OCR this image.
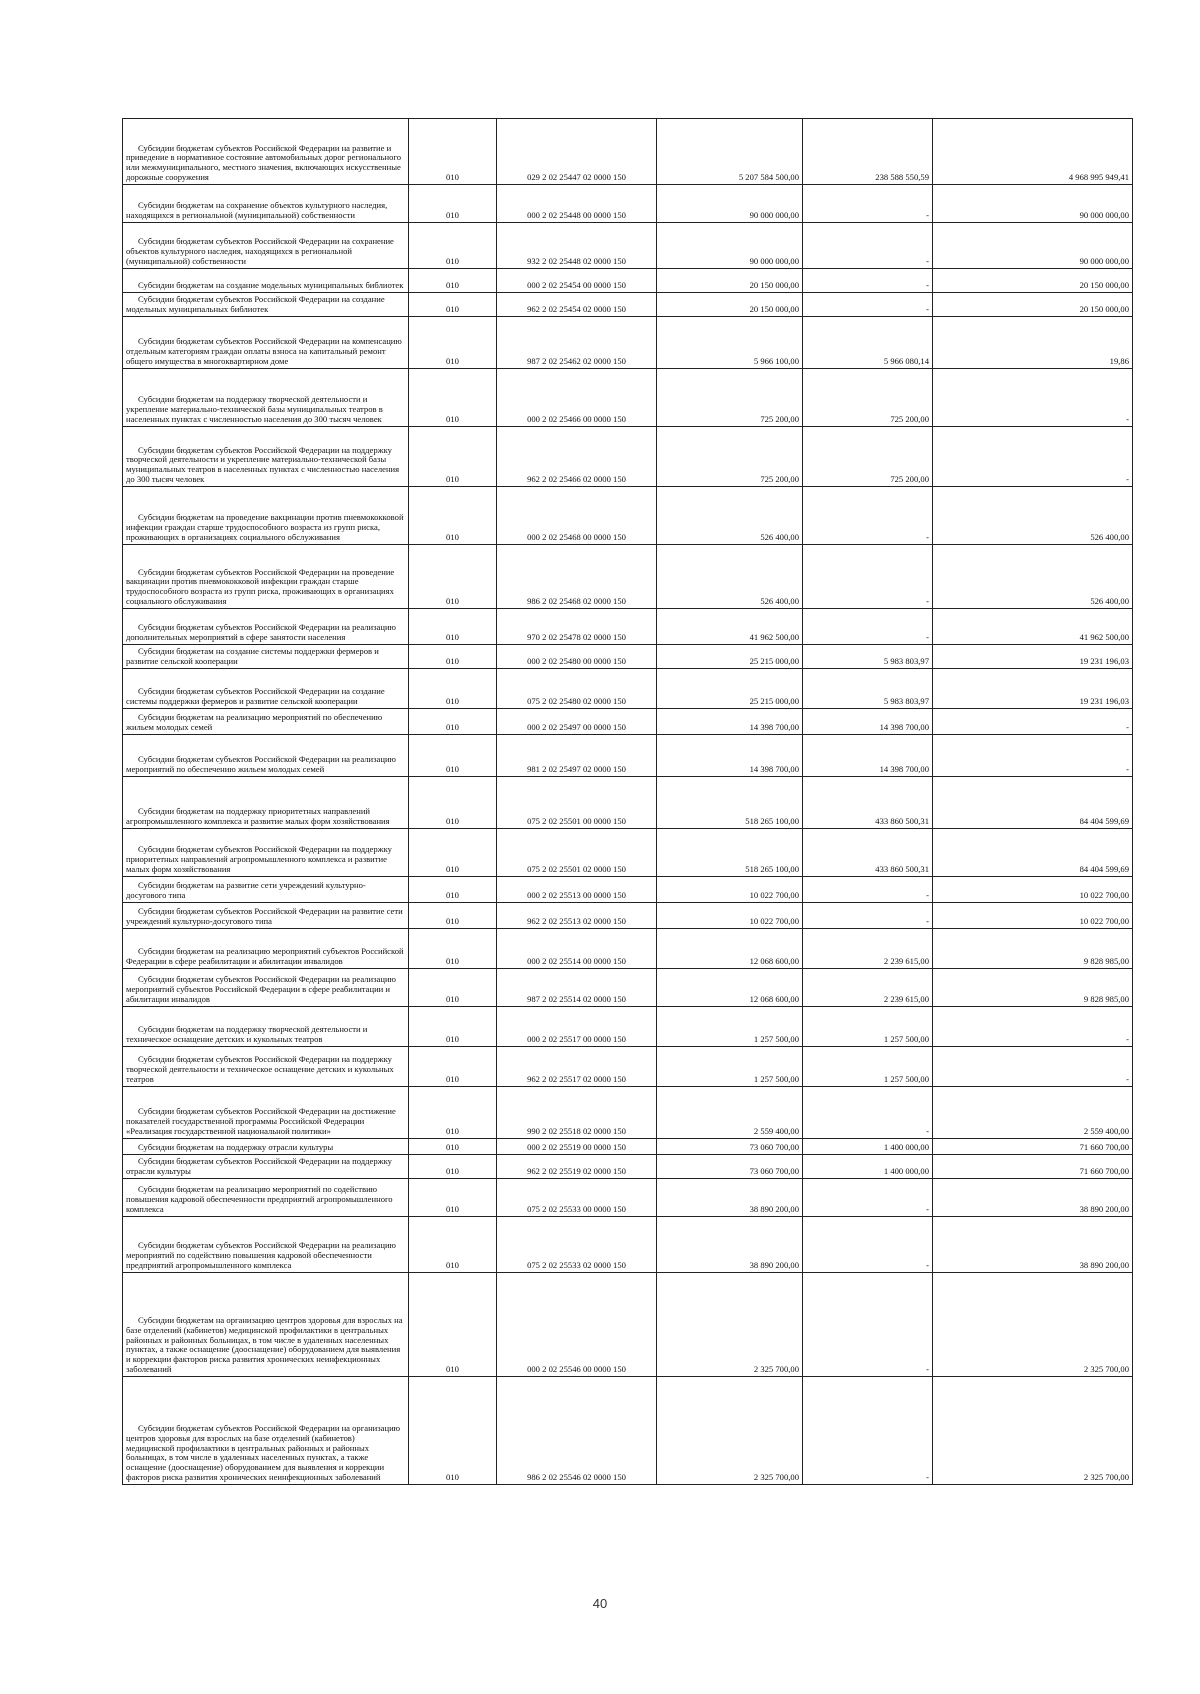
Субсидии бюджетам субъектов Российской Федерации на развитие и приведение в нормативное состояние автомобильных дорог регионального или межмуниципального, местного значения, включающих искусственные дорожные сооружения	010	029 2 02 25447 02 0000 150	5 207 584 500,00	238 588 550,59	4 968 995 949,41
Субсидии бюджетам на сохранение объектов культурного наследия, находящихся в региональной (муниципальной) собственности	010	000 2 02 25448 00 0000 150	90 000 000,00	-	90 000 000,00
Субсидии бюджетам субъектов Российской Федерации на сохранение объектов культурного наследия, находящихся в региональной (муниципальной) собственности	010	932 2 02 25448 02 0000 150	90 000 000,00	-	90 000 000,00
Субсидии бюджетам на создание модельных муниципальных библиотек	010	000 2 02 25454 00 0000 150	20 150 000,00	-	20 150 000,00
Субсидии бюджетам субъектов Российской Федерации на создание модельных муниципальных библиотек	010	962 2 02 25454 02 0000 150	20 150 000,00	-	20 150 000,00
Субсидии бюджетам субъектов Российской Федерации на компенсацию отдельным категориям граждан оплаты взноса на капитальный ремонт общего имущества в многоквартирном доме	010	987 2 02 25462 02 0000 150	5 966 100,00	5 966 080,14	19,86
Субсидии бюджетам на поддержку творческой деятельности и укрепление материально-технической базы муниципальных театров в населенных пунктах с численностью населения до 300 тысяч человек	010	000 2 02 25466 00 0000 150	725 200,00	725 200,00	-
Субсидии бюджетам субъектов Российской Федерации на поддержку творческой деятельности и укрепление материально-технической базы муниципальных театров в населенных пунктах с численностью населения до 300 тысяч человек	010	962 2 02 25466 02 0000 150	725 200,00	725 200,00	-
Субсидии бюджетам на проведение вакцинации против пневмококковой инфекции граждан старше трудоспособного возраста из групп риска, проживающих в организациях социального обслуживания	010	000 2 02 25468 00 0000 150	526 400,00	-	526 400,00
Субсидии бюджетам субъектов Российской Федерации на проведение вакцинации против пневмококковой инфекции граждан старше трудоспособного возраста из групп риска, проживающих в организациях социального обслуживания	010	986 2 02 25468 02 0000 150	526 400,00	-	526 400,00
Субсидии бюджетам субъектов Российской Федерации на реализацию дополнительных мероприятий в сфере занятости населения	010	970 2 02 25478 02 0000 150	41 962 500,00	-	41 962 500,00
Субсидии бюджетам на создание системы поддержки фермеров и развитие сельской кооперации	010	000 2 02 25480 00 0000 150	25 215 000,00	5 983 803,97	19 231 196,03
Субсидии бюджетам субъектов Российской Федерации на создание системы поддержки фермеров и развитие сельской кооперации	010	075 2 02 25480 02 0000 150	25 215 000,00	5 983 803,97	19 231 196,03
Субсидии бюджетам на реализацию мероприятий по обеспечению жильем молодых семей	010	000 2 02 25497 00 0000 150	14 398 700,00	14 398 700,00	-
Субсидии бюджетам субъектов Российской Федерации на реализацию мероприятий по обеспечению жильем молодых семей	010	981 2 02 25497 02 0000 150	14 398 700,00	14 398 700,00	-
Субсидии бюджетам на поддержку приоритетных направлений агропромышленного комплекса и развитие малых форм хозяйствования	010	075 2 02 25501 00 0000 150	518 265 100,00	433 860 500,31	84 404 599,69
Субсидии бюджетам субъектов Российской Федерации на поддержку приоритетных направлений агропромышленного комплекса и развитие малых форм хозяйствования	010	075 2 02 25501 02 0000 150	518 265 100,00	433 860 500,31	84 404 599,69
Субсидии бюджетам на развитие сети учреждений культурно-досугового типа	010	000 2 02 25513 00 0000 150	10 022 700,00	-	10 022 700,00
Субсидии бюджетам субъектов Российской Федерации на развитие сети учреждений культурно-досугового типа	010	962 2 02 25513 02 0000 150	10 022 700,00	-	10 022 700,00
Субсидии бюджетам на реализацию мероприятий субъектов Российской Федерации в сфере реабилитации и абилитации инвалидов	010	000 2 02 25514 00 0000 150	12 068 600,00	2 239 615,00	9 828 985,00
Субсидии бюджетам субъектов Российской Федерации на реализацию мероприятий субъектов Российской Федерации в сфере реабилитации и абилитации инвалидов	010	987 2 02 25514 02 0000 150	12 068 600,00	2 239 615,00	9 828 985,00
Субсидии бюджетам на поддержку творческой деятельности и техническое оснащение детских и кукольных театров	010	000 2 02 25517 00 0000 150	1 257 500,00	1 257 500,00	-
Субсидии бюджетам субъектов Российской Федерации на поддержку творческой деятельности и техническое оснащение детских и кукольных театров	010	962 2 02 25517 02 0000 150	1 257 500,00	1 257 500,00	-
Субсидии бюджетам субъектов Российской Федерации на достижение показателей государственной программы Российской Федерации «Реализация государственной национальной политики»	010	990 2 02 25518 02 0000 150	2 559 400,00	-	2 559 400,00
Субсидии бюджетам на поддержку отрасли культуры	010	000 2 02 25519 00 0000 150	73 060 700,00	1 400 000,00	71 660 700,00
Субсидии бюджетам субъектов Российской Федерации на поддержку отрасли культуры	010	962 2 02 25519 02 0000 150	73 060 700,00	1 400 000,00	71 660 700,00
Субсидии бюджетам на реализацию мероприятий по содействию повышения кадровой обеспеченности предприятий агропромышленного комплекса	010	075 2 02 25533 00 0000 150	38 890 200,00	-	38 890 200,00
Субсидии бюджетам субъектов Российской Федерации на реализацию мероприятий по содействию повышения кадровой обеспеченности предприятий агропромышленного комплекса	010	075 2 02 25533 02 0000 150	38 890 200,00	-	38 890 200,00
Субсидии бюджетам на организацию центров здоровья для взрослых на базе отделений (кабинетов) медицинской профилактики в центральных районных и районных больницах, в том числе в удаленных населенных пунктах, а также оснащение (дооснащение) оборудованием для выявления и коррекции факторов риска развития хронических неинфекционных заболеваний	010	000 2 02 25546 00 0000 150	2 325 700,00	-	2 325 700,00
Субсидии бюджетам субъектов Российской Федерации на организацию центров здоровья для взрослых на базе отделений (кабинетов) медицинской профилактики в центральных районных и районных больницах, в том числе в удаленных населенных пунктах, а также оснащение (дооснащение) оборудованием для выявления и коррекции факторов риска развития хронических неинфекционных заболеваний	010	986 2 02 25546 02 0000 150	2 325 700,00	-	2 325 700,00
40
